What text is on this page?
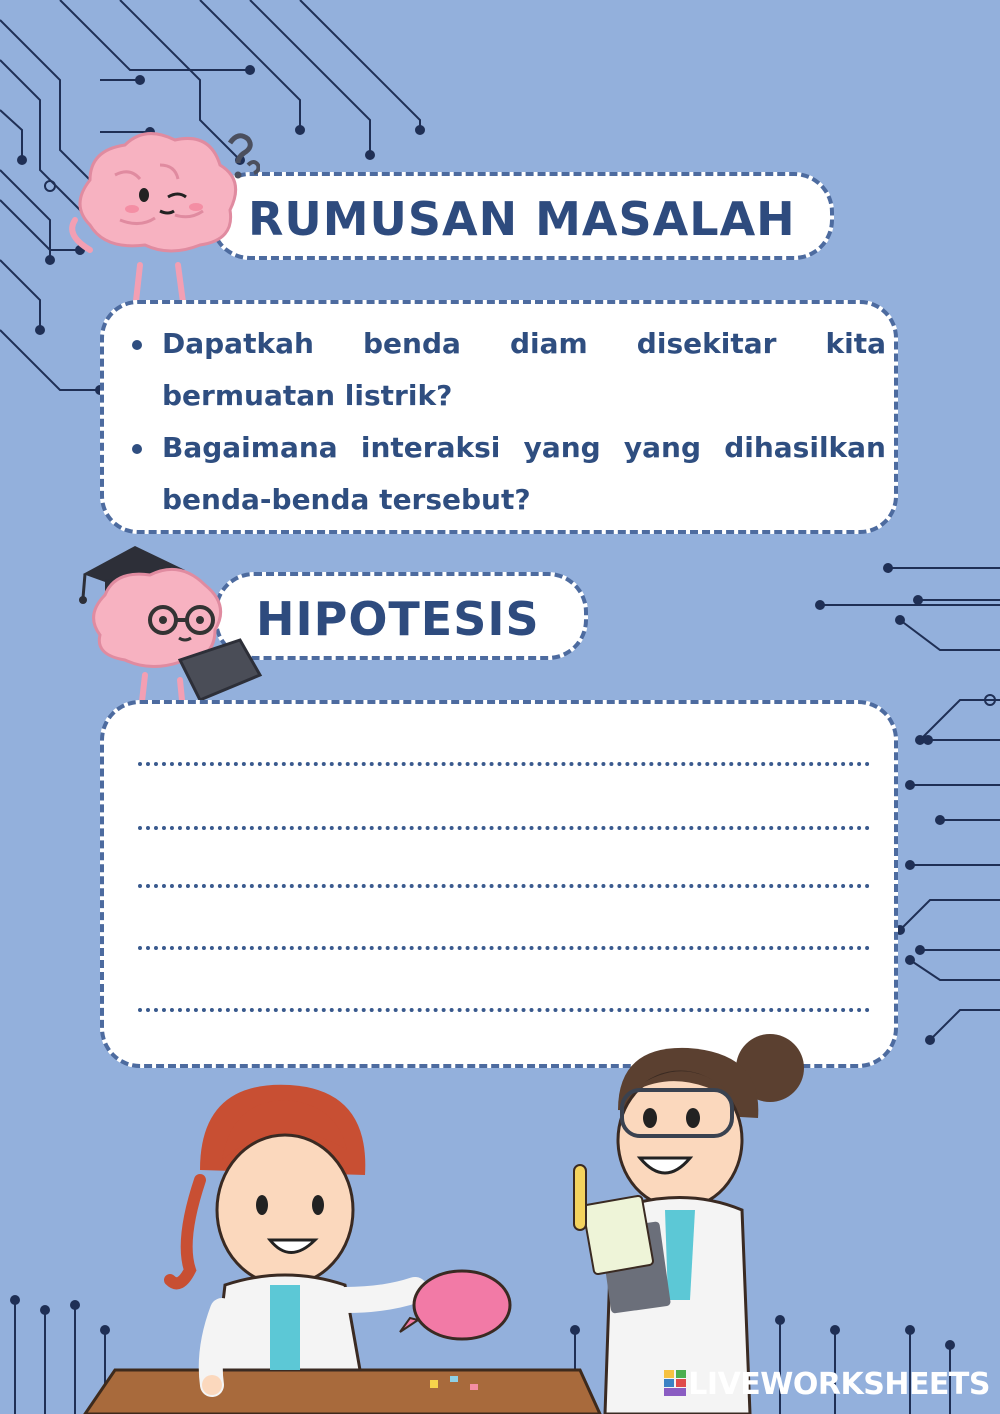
RUMUSAN MASALAH
Dapatkah benda diam disekitar kita bermuatan listrik?
Bagaimana interaksi yang yang dihasilkan benda-benda tersebut?
HIPOTESIS
LIVEWORKSHEETS
